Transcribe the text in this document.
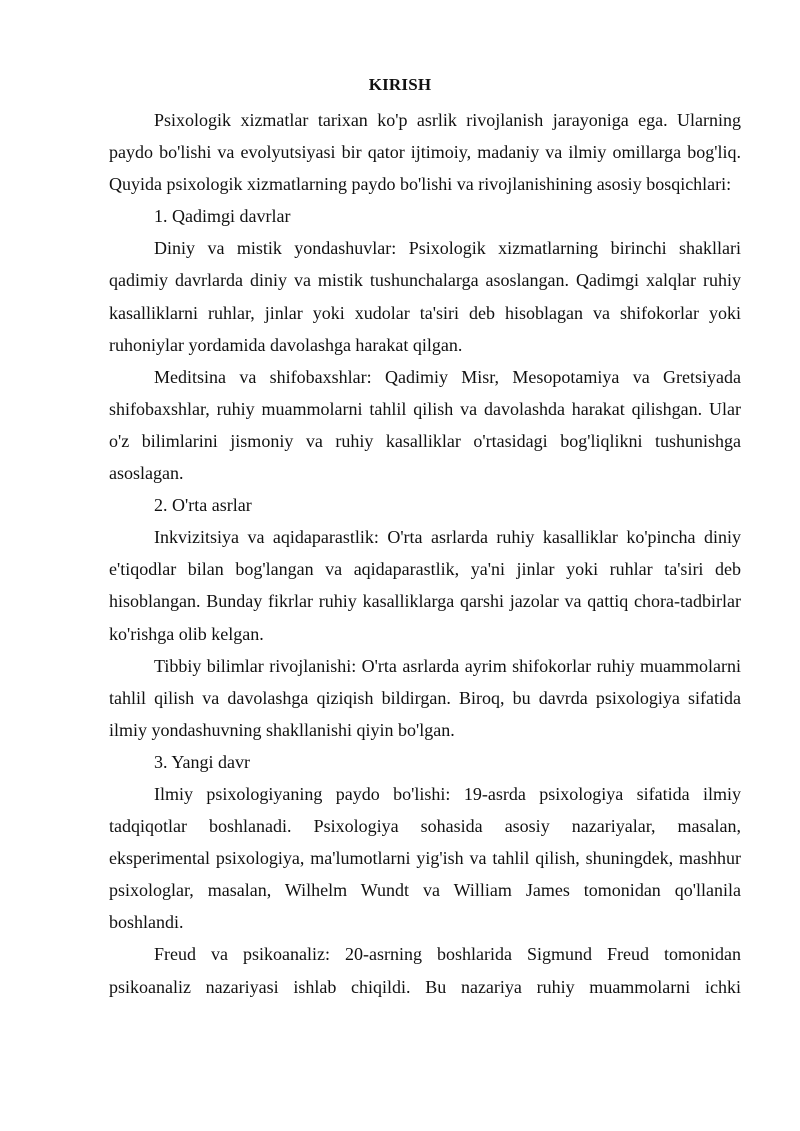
KIRISH

Psixologik xizmatlar tarixan ko'p asrlik rivojlanish jarayoniga ega. Ularning paydo bo'lishi va evolyutsiyasi bir qator ijtimoiy, madaniy va ilmiy omillarga bog'liq. Quyida psixologik xizmatlarning paydo bo'lishi va rivojlanishining asosiy bosqichlari:

1. Qadimgi davrlar

Diniy va mistik yondashuvlar: Psixologik xizmatlarning birinchi shakllari qadimiy davrlarda diniy va mistik tushunchalarga asoslangan. Qadimgi xalqlar ruhiy kasalliklarni ruhlar, jinlar yoki xudolar ta'siri deb hisoblagan va shifokorlar yoki ruhoniylar yordamida davolashga harakat qilgan.

Meditsina va shifobaxshlar: Qadimiy Misr, Mesopotamiya va Gretsiyada shifobaxshlar, ruhiy muammolarni tahlil qilish va davolashda harakat qilishgan. Ular o'z bilimlarini jismoniy va ruhiy kasalliklar o'rtasidagi bog'liqlikni tushunishga asoslagan.

2. O'rta asrlar

Inkvizitsiya va aqidaparastlik: O'rta asrlarda ruhiy kasalliklar ko'pincha diniy e'tiqodlar bilan bog'langan va aqidaparastlik, ya'ni jinlar yoki ruhlar ta'siri deb hisoblangan. Bunday fikrlar ruhiy kasalliklarga qarshi jazolar va qattiq chora-tadbirlar ko'rishga olib kelgan.

Tibbiy bilimlar rivojlanishi: O'rta asrlarda ayrim shifokorlar ruhiy muammolarni tahlil qilish va davolashga qiziqish bildirgan. Biroq, bu davrda psixologiya sifatida ilmiy yondashuvning shakllanishi qiyin bo'lgan.

3. Yangi davr

Ilmiy psixologiyaning paydo bo'lishi: 19-asrda psixologiya sifatida ilmiy tadqiqotlar boshlanadi. Psixologiya sohasida asosiy nazariyalar, masalan, eksperimental psixologiya, ma'lumotlarni yig'ish va tahlil qilish, shuningdek, mashhur psixologlar, masalan, Wilhelm Wundt va William James tomonidan qo'llanila boshlandi.

Freud va psikoanaliz: 20-asrning boshlarida Sigmund Freud tomonidan psikoanaliz nazariyasi ishlab chiqildi. Bu nazariya ruhiy muammolarni ichki
